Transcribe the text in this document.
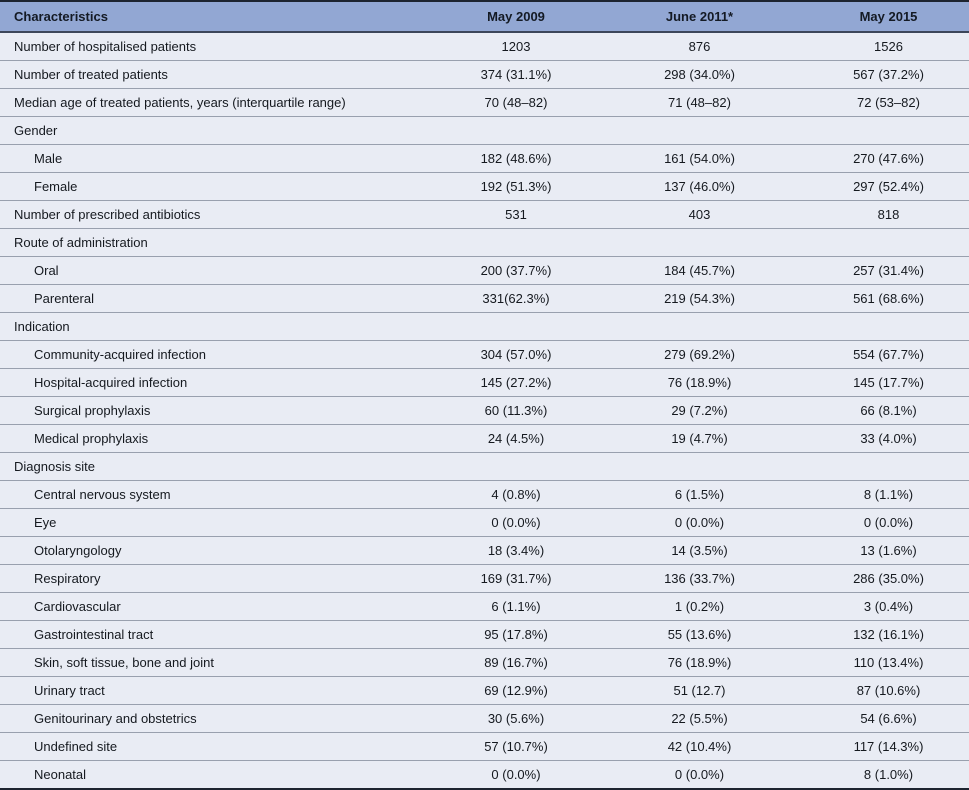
Characteristics	May 2009	June 2011*	May 2015
Number of hospitalised patients	1203	876	1526
Number of treated patients	374 (31.1%)	298 (34.0%)	567 (37.2%)
Median age of treated patients, years (interquartile range)	70 (48–82)	71 (48–82)	72 (53–82)
Gender			
Male	182 (48.6%)	161 (54.0%)	270 (47.6%)
Female	192 (51.3%)	137 (46.0%)	297 (52.4%)
Number of prescribed antibiotics	531	403	818
Route of administration			
Oral	200 (37.7%)	184 (45.7%)	257 (31.4%)
Parenteral	331(62.3%)	219 (54.3%)	561 (68.6%)
Indication			
Community-acquired infection	304 (57.0%)	279 (69.2%)	554 (67.7%)
Hospital-acquired infection	145 (27.2%)	76 (18.9%)	145 (17.7%)
Surgical prophylaxis	60 (11.3%)	29 (7.2%)	66 (8.1%)
Medical prophylaxis	24 (4.5%)	19 (4.7%)	33 (4.0%)
Diagnosis site			
Central nervous system	4 (0.8%)	6 (1.5%)	8 (1.1%)
Eye	0 (0.0%)	0 (0.0%)	0 (0.0%)
Otolaryngology	18 (3.4%)	14 (3.5%)	13 (1.6%)
Respiratory	169 (31.7%)	136 (33.7%)	286 (35.0%)
Cardiovascular	6 (1.1%)	1 (0.2%)	3 (0.4%)
Gastrointestinal tract	95 (17.8%)	55 (13.6%)	132 (16.1%)
Skin, soft tissue, bone and joint	89 (16.7%)	76 (18.9%)	110 (13.4%)
Urinary tract	69 (12.9%)	51 (12.7)	87 (10.6%)
Genitourinary and obstetrics	30 (5.6%)	22 (5.5%)	54 (6.6%)
Undefined site	57 (10.7%)	42 (10.4%)	117 (14.3%)
Neonatal	0 (0.0%)	0 (0.0%)	8 (1.0%)
